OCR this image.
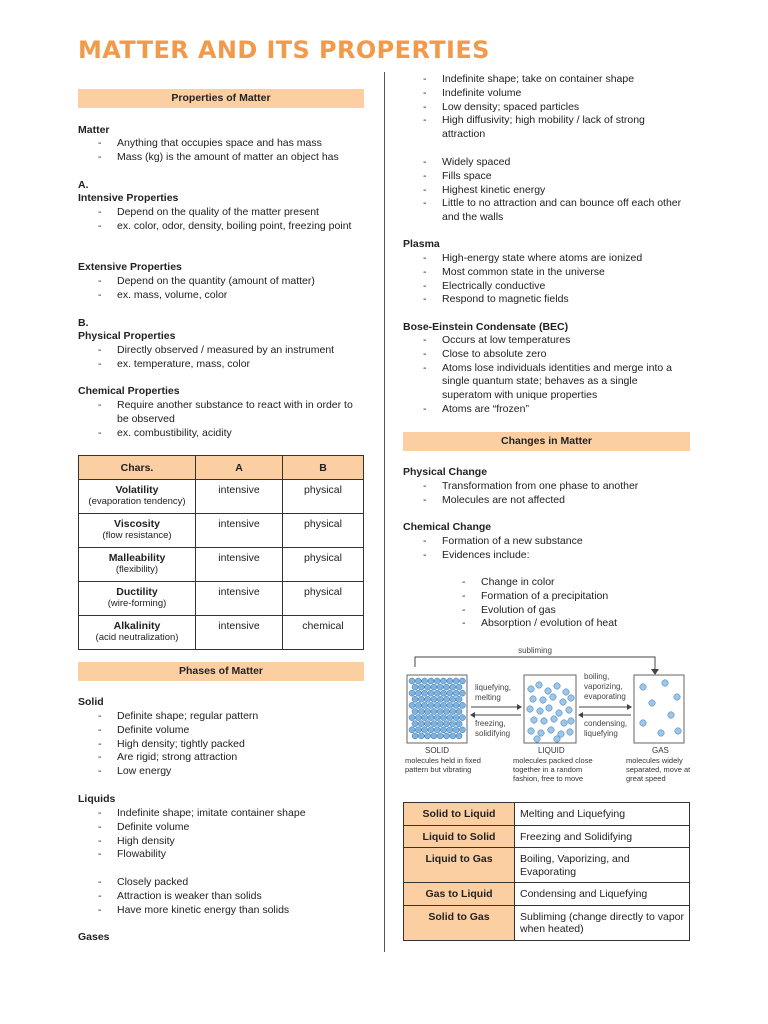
MATTER AND ITS PROPERTIES
Properties of Matter
Matter
- Anything that occupies space and has mass
- Mass (kg) is the amount of matter an object has
A.
Intensive Properties
- Depend on the quality of the matter present
- ex. color, odor, density, boiling point, freezing point
Extensive Properties
- Depend on the quantity (amount of matter)
- ex. mass, volume, color
B.
Physical Properties
- Directly observed / measured by an instrument
- ex. temperature, mass, color
Chemical Properties
- Require another substance to react with in order to be observed
- ex. combustibility, acidity
Chars.	A	B

Volatility
(evaporation tendency)	intensive	physical

Viscosity
(flow resistance)	intensive	physical

Malleability
(flexibility)	intensive	physical

Ductility
(wire-forming)	intensive	physical

Alkalinity
(acid neutralization)	intensive	chemical
Phases of Matter
Solid
- Definite shape; regular pattern
- Definite volume
- High density; tightly packed
- Are rigid; strong attraction
- Low energy
Liquids
- Indefinite shape; imitate container shape
- Definite volume
- High density
- Flowability
- Closely packed
- Attraction is weaker than solids
- Have more kinetic energy than solids
Gases
- Indefinite shape; take on container shape
- Indefinite volume
- Low density; spaced particles
- High diffusivity; high mobility / lack of strong attraction
- Widely spaced
- Fills space
- Highest kinetic energy
- Little to no attraction and can bounce off each other and the walls
Plasma
- High-energy state where atoms are ionized
- Most common state in the universe
- Electrically conductive
- Respond to magnetic fields
Bose-Einstein Condensate (BEC)
- Occurs at low temperatures
- Close to absolute zero
- Atoms lose individuals identities and merge into a single quantum state; behaves as a single superatom with unique properties
- Atoms are “frozen”
Changes in Matter
Physical Change
- Transformation from one phase to another
- Molecules are not affected
Chemical Change
- Formation of a new substance
- Evidences include:
- Change in color
- Formation of a precipitation
- Evolution of gas
- Absorption / evolution of heat
subliming
liquefying,
melting
freezing,
solidifying
boiling,
vaporizing,
evaporating
condensing,
liquefying
SOLID
molecules held in fixed
pattern but vibrating
LIQUID
molecules packed close
together in a random
fashion, free to move
GAS
molecules widely
separated, move at
great speed
Solid to Liquid	Melting and Liquefying
Liquid to Solid	Freezing and Solidifying
Liquid to Gas	Boiling, Vaporizing, and Evaporating
Gas to Liquid	Condensing and Liquefying
Solid to Gas	Subliming (change directly to vapor when heated)
